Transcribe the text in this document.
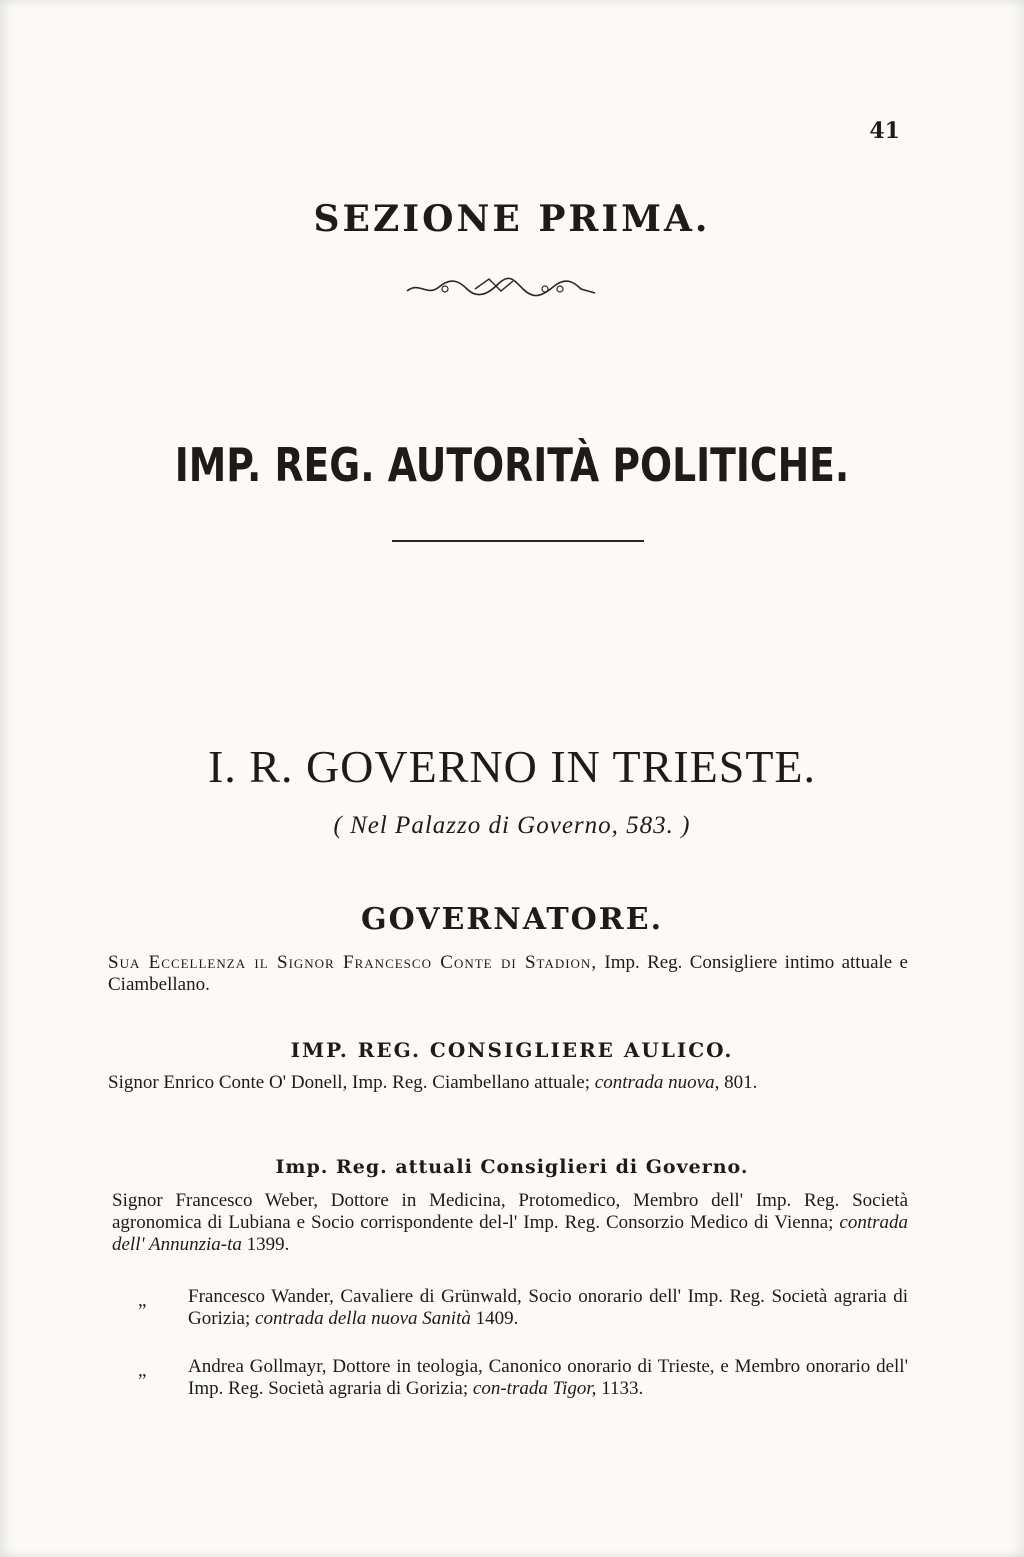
41
SEZIONE PRIMA.
IMP. REG. AUTORITÀ POLITICHE.
I. R. GOVERNO IN TRIESTE.
( Nel Palazzo di Governo, 583. )
GOVERNATORE.
Sua Eccellenza il Signor Francesco Conte di Stadion, Imp. Reg. Consigliere intimo attuale e Ciambellano.
IMP. REG. CONSIGLIERE AULICO.
Signor Enrico Conte O' Donell, Imp. Reg. Ciambellano attuale; contrada nuova, 801.
Imp. Reg. attuali Consiglieri di Governo.
Signor Francesco Weber, Dottore in Medicina, Protomedico, Membro dell' Imp. Reg. Società agronomica di Lubiana e Socio corrispondente del-l' Imp. Reg. Consorzio Medico di Vienna; contrada dell' Annunzia-ta 1399.
„ Francesco Wander, Cavaliere di Grünwald, Socio onorario dell' Imp. Reg. Società agraria di Gorizia; contrada della nuova Sanità 1409.
„ Andrea Gollmayr, Dottore in teologia, Canonico onorario di Trieste, e Membro onorario dell' Imp. Reg. Società agraria di Gorizia; con-trada Tigor, 1133.
